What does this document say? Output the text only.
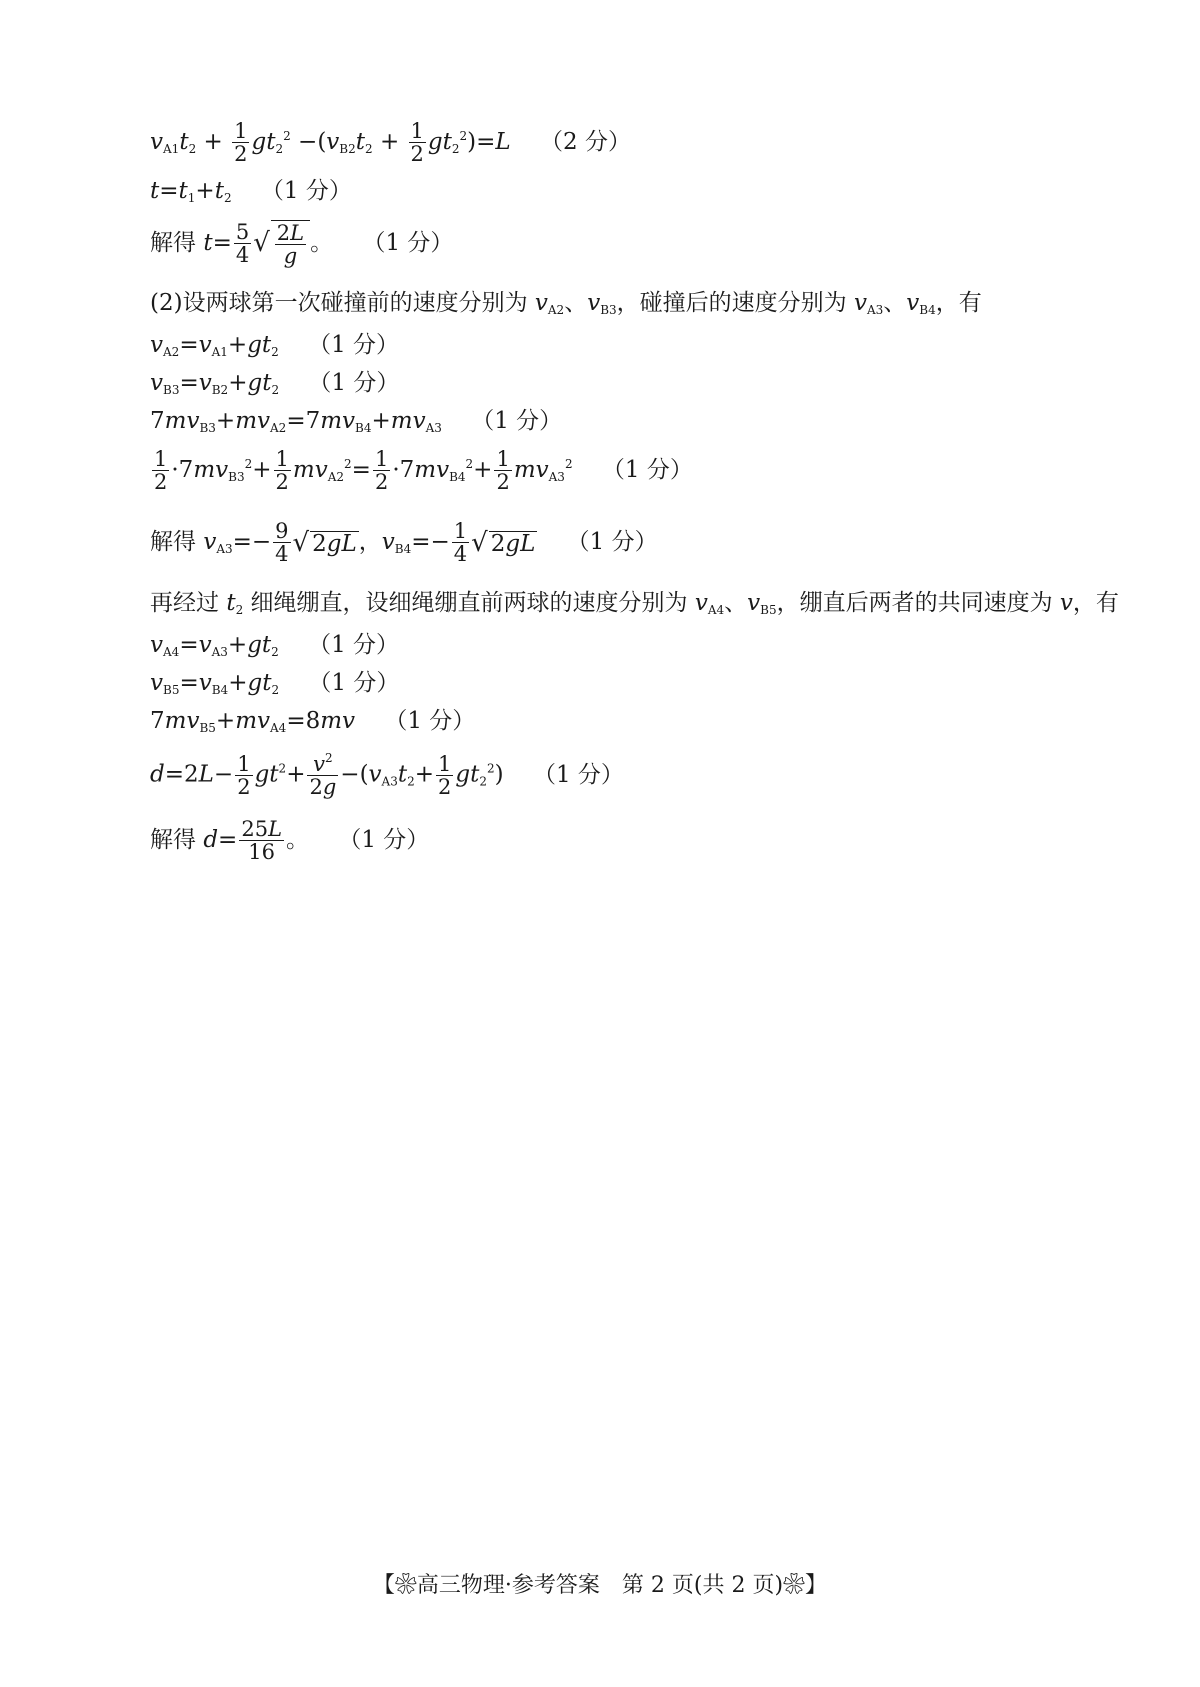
$v_{A1}t_2 + \frac{1}{2} gt_2^2 -(v_{B2}t_2 + \frac{1}{2} gt_2^2)=L$ （2 分）
$t=t_1+t_2$ （1 分）
解得 $t= \frac{5}{4}$ √ $\frac{2L}{g}$ 。 （1 分）
(2)设两球第一次碰撞前的速度分别为 $v_{A2}$、$v_{B3}$，碰撞后的速度分别为 $v_{A3}$、$v_{B4}$，有
$v_{A2}=v_{A1}+gt_2$ （1 分）
$v_{B3}=v_{B2}+gt_2$ （1 分）
$7mv_{B3}+mv_{A2}=7mv_{B4}+mv_{A3}$ （1 分）
$\frac{1}{2} \cdot 7mv_{B3}^2+ \frac{1}{2} mv_{A2}^2= \frac{1}{2} \cdot 7mv_{B4}^2+ \frac{1}{2} mv_{A3}^2$ （1 分）
解得 $v_{A3}=- \frac{9}{4}$ √ 2gL，$v_{B4}=- \frac{1}{4}$ √ 2gL （1 分）
再经过 $t_2$ 细绳绷直，设细绳绷直前两球的速度分别为 $v_{A4}$、$v_{B5}$，绷直后两者的共同速度为 v，有
$v_{A4}=v_{A3}+gt_2$ （1 分）
$v_{B5}=v_{B4}+gt_2$ （1 分）
$7mv_{B5}+mv_{A4}=8mv$ （1 分）
$d=2L- \frac{1}{2} gt^2+ \frac{v^2}{2g} -(v_{A3}t_2+ \frac{1}{2} gt_2^2)$ （1 分）
解得 $d= \frac{25L}{16}$ 。 （1 分）
【❀高三物理·参考答案　第 2 页(共 2 页)❀】
